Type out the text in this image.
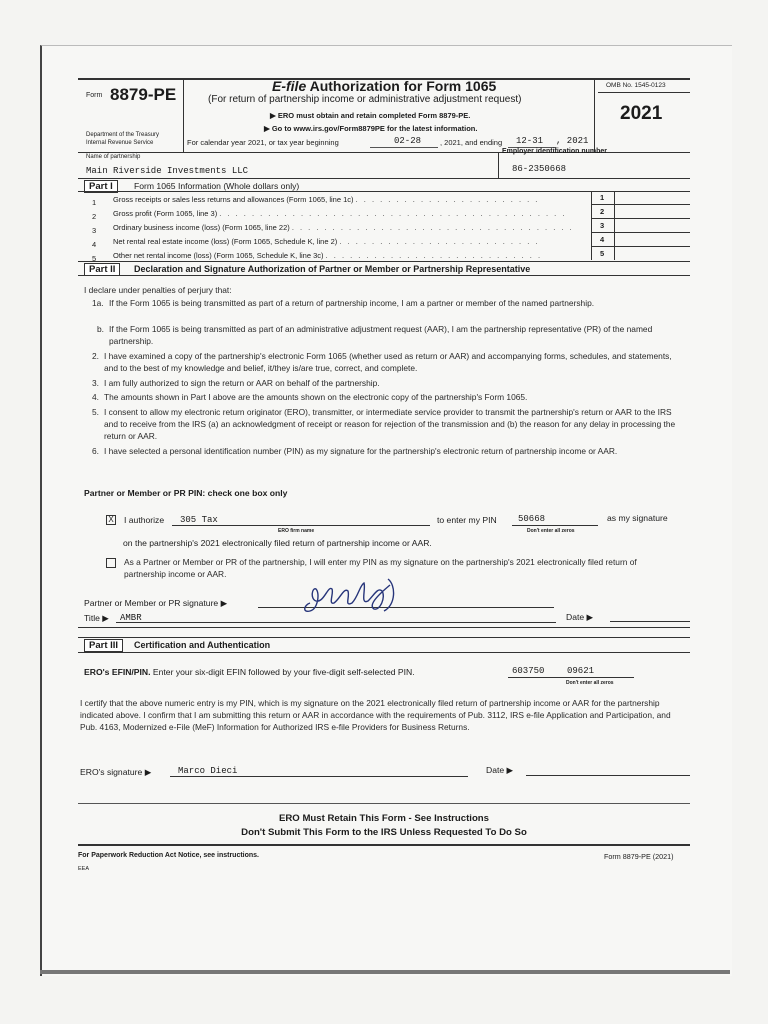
Form 8879-PE	E-file Authorization for Form 1065
(For return of partnership income or administrative adjustment request)
▶ ERO must obtain and retain completed Form 8879-PE.
▶ Go to www.irs.gov/Form8879PE for the latest information.
OMB No. 1545-0123
2021
Department of the Treasury
Internal Revenue Service	For calendar year 2021, or tax year beginning	02-28	, 2021, and ending 12-31 , 2021
Name of partnership
Main Riverside Investments LLC
Employer identification number
86-2350668
Part I	Form 1065 Information (Whole dollars only)
1 Gross receipts or sales less returns and allowances (Form 1065, line 1c) . . . . . . . . . . . . . . . . . . . . . . .	1
2 Gross profit (Form 1065, line 3) . . . . . . . . . . . . . . . . . . . . . . . . . . . . . . . . . . . . . . . . . . .	2
3 Ordinary business income (loss) (Form 1065, line 22) . . . . . . . . . . . . . . . . . . . . . . . . . . . . . . . . . . .	3
4 Net rental real estate income (loss) (Form 1065, Schedule K, line 2) . . . . . . . . . . . . . . . . . . . . . . . . .	4
5 Other net rental income (loss) (Form 1065, Schedule K, line 3c) . . . . . . . . . . . . . . . . . . . . . . . . . . .	5
Part II	Declaration and Signature Authorization of Partner or Member or Partnership Representative
I declare under penalties of perjury that:
1a. If the Form 1065 is being transmitted as part of a return of partnership income, I am a partner or member of the named partnership.
b. If the Form 1065 is being transmitted as part of an administrative adjustment request (AAR), I am the partnership representative (PR) of the named partnership.
2. I have examined a copy of the partnership's electronic Form 1065 (whether used as return or AAR) and accompanying forms, schedules, and statements, and to the best of my knowledge and belief, it/they is/are true, correct, and complete.
3. I am fully authorized to sign the return or AAR on behalf of the partnership.
4. The amounts shown in Part I above are the amounts shown on the electronic copy of the partnership's Form 1065.
5. I consent to allow my electronic return originator (ERO), transmitter, or intermediate service provider to transmit the partnership's return or AAR to the IRS and to receive from the IRS (a) an acknowledgment of receipt or reason for rejection of the transmission and (b) the reason for any delay in processing the return or AAR.
6. I have selected a personal identification number (PIN) as my signature for the partnership's electronic return of partnership income or AAR.
Partner or Member or PR PIN: check one box only
X I authorize 305 Tax
ERO firm name
to enter my PIN 50668
Don't enter all zeros
as my signature
on the partnership's 2021 electronically filed return of partnership income or AAR.
As a Partner or Member or PR of the partnership, I will enter my PIN as my signature on the partnership's 2021 electronically filed return of partnership income or AAR.
Partner or Member or PR signature ▶
Title ▶ AMBR	Date ▶
Part III	Certification and Authentication
ERO's EFIN/PIN. Enter your six-digit EFIN followed by your five-digit self-selected PIN.	603750	09621
Don't enter all zeros
I certify that the above numeric entry is my PIN, which is my signature on the 2021 electronically filed return of partnership income or AAR for the partnership indicated above. I confirm that I am submitting this return or AAR in accordance with the requirements of Pub. 3112, IRS e-file Application and Participation, and Pub. 4163, Modernized e-File (MeF) Information for Authorized IRS e-file Providers for Business Returns.
ERO's signature ▶	Marco Dieci	Date ▶
ERO Must Retain This Form - See Instructions
Don't Submit This Form to the IRS Unless Requested To Do So
For Paperwork Reduction Act Notice, see instructions.
EEA
Form 8879-PE (2021)
